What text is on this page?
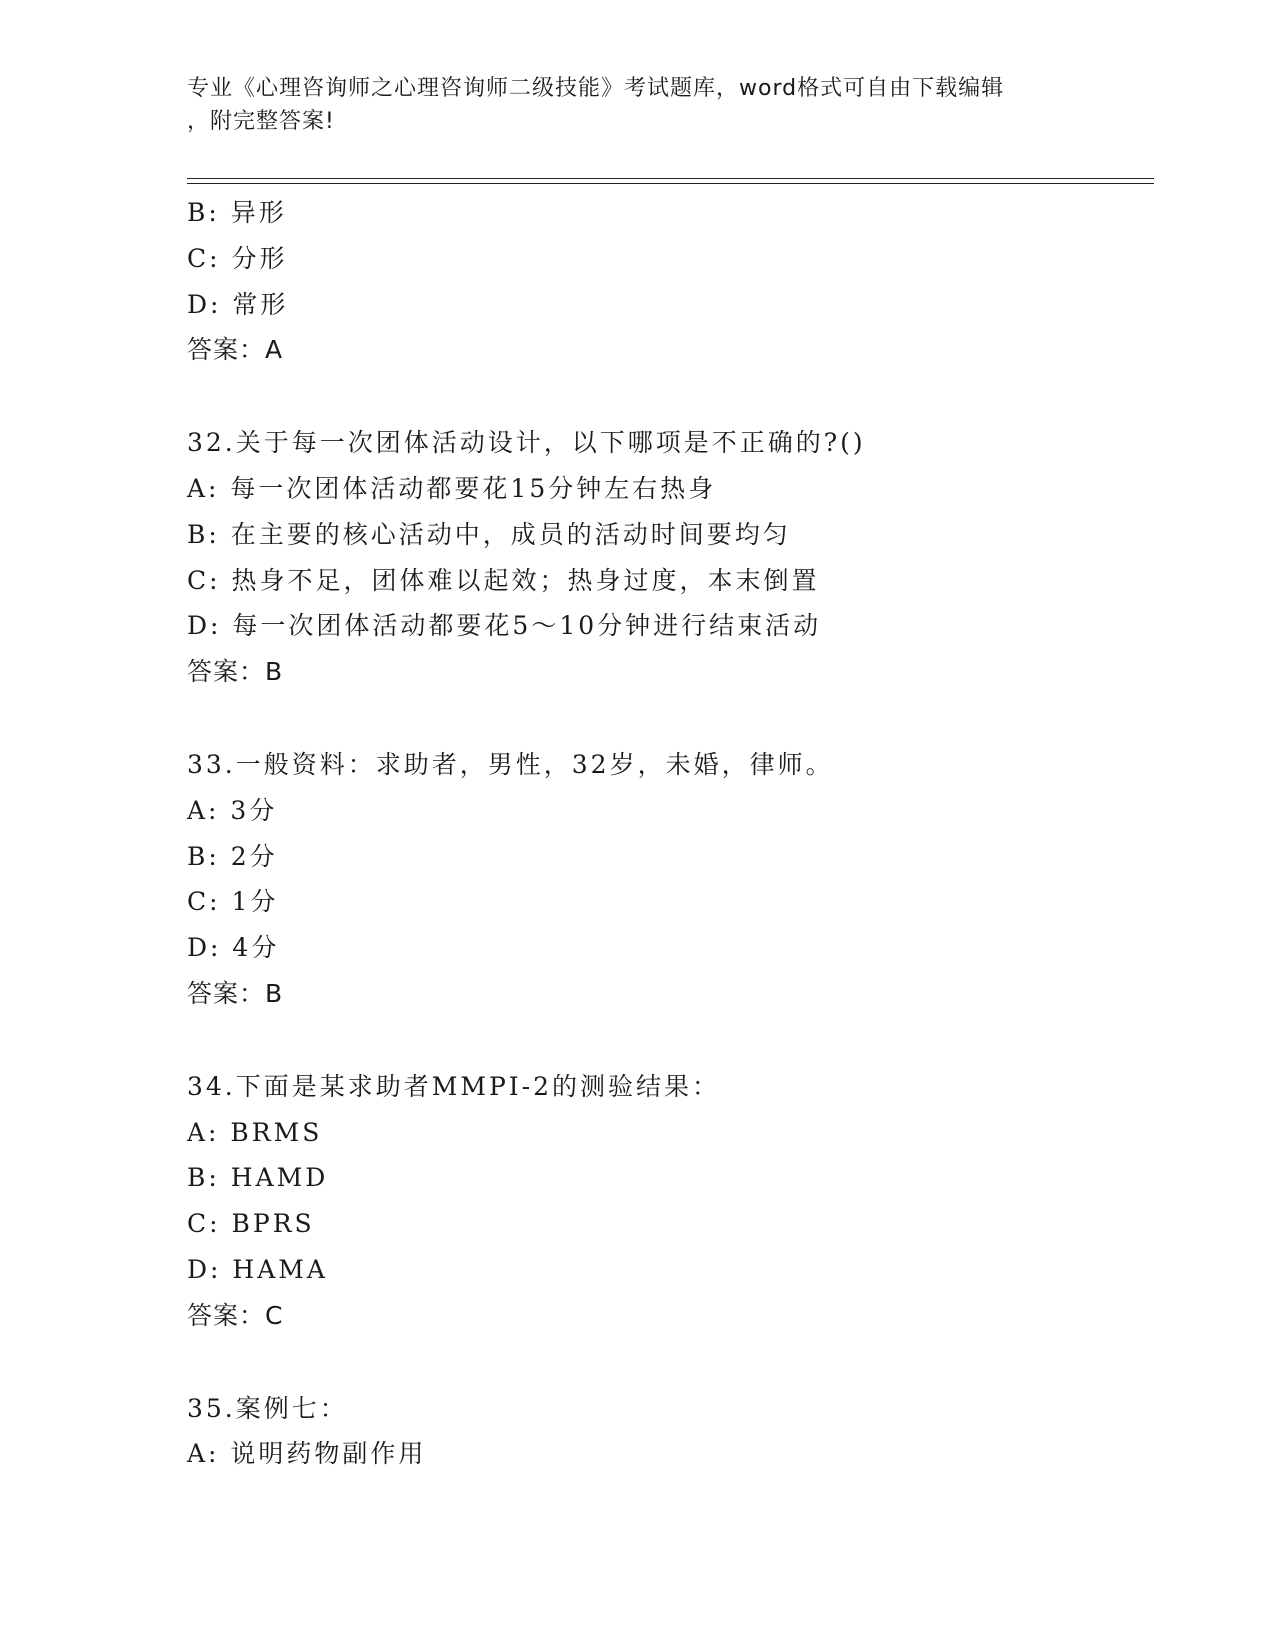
专业《心理咨询师之心理咨询师二级技能》考试题库，word格式可自由下载编辑
，附完整答案!
B: 异形
C: 分形
D: 常形
答案：A
32.关于每一次团体活动设计，以下哪项是不正确的?()
A: 每一次团体活动都要花15分钟左右热身
B: 在主要的核心活动中，成员的活动时间要均匀
C: 热身不足，团体难以起效；热身过度，本末倒置
D: 每一次团体活动都要花5～10分钟进行结束活动
答案：B
33.一般资料：求助者，男性，32岁，未婚，律师。
A: 3分
B: 2分
C: 1分
D: 4分
答案：B
34.下面是某求助者MMPI-2的测验结果：
A: BRMS
B: HAMD
C: BPRS
D: HAMA
答案：C
35.案例七：
A: 说明药物副作用
